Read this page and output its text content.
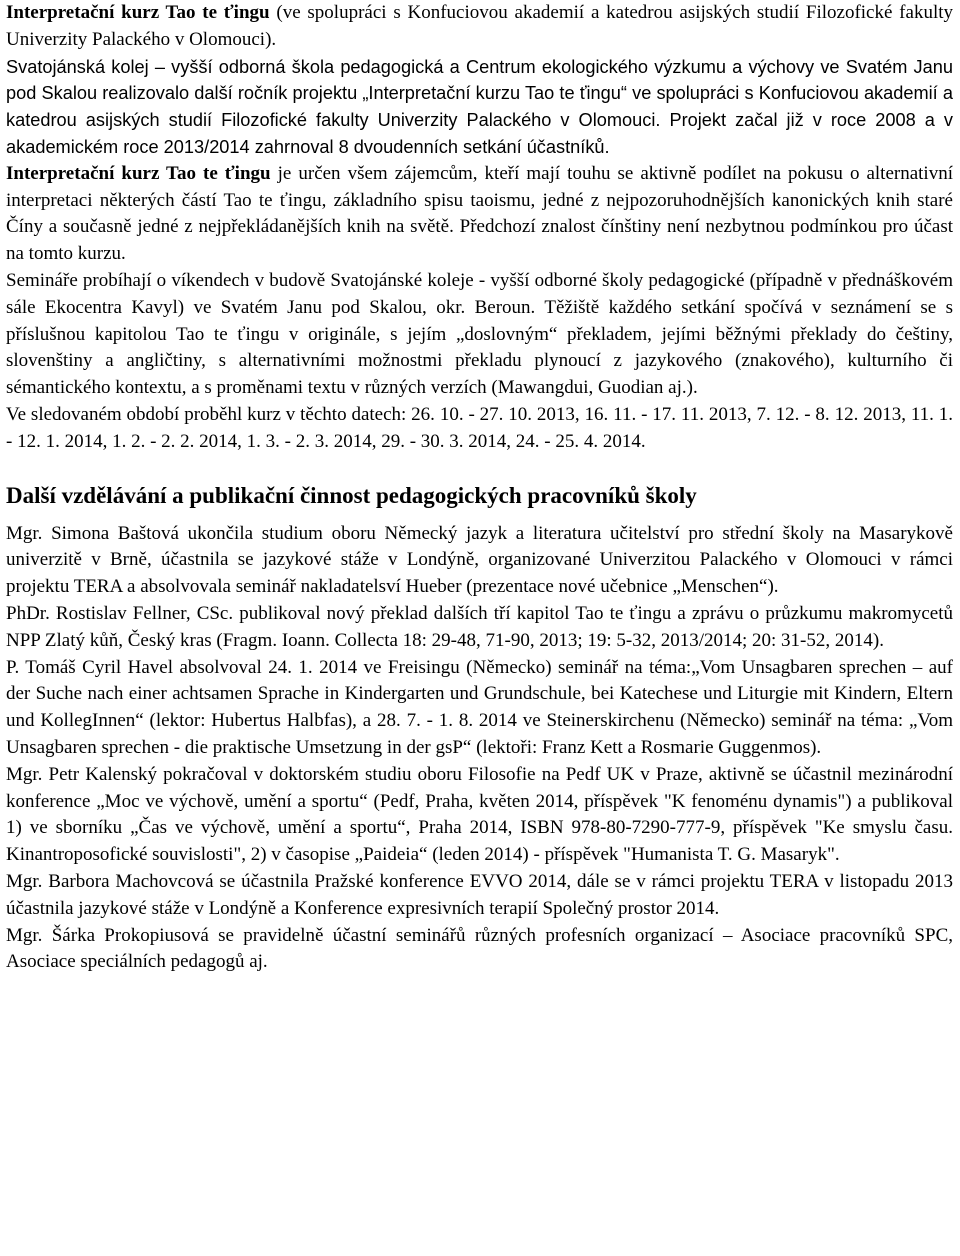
Interpretační kurz Tao te ťingu (ve spolupráci s Konfuciovou akademií a katedrou asijských studií Filozofické fakulty Univerzity Palackého v Olomouci).

Svatojánská kolej – vyšší odborná škola pedagogická a Centrum ekologického výzkumu a výchovy ve Svatém Janu pod Skalou realizovalo další ročník projektu „Interpretační kurzu Tao te ťingu“ ve spolupráci s Konfuciovou akademií a katedrou asijských studií Filozofické fakulty Univerzity Palackého v Olomouci. Projekt začal již v roce 2008 a v akademickém roce 2013/2014 zahrnoval 8 dvoudenních setkání účastníků.

Interpretační kurz Tao te ťingu je určen všem zájemcům, kteří mají touhu se aktivně podílet na pokusu o alternativní interpretaci některých částí Tao te ťingu, základního spisu taoismu, jedné z nejpozoruhodnějších kanonických knih staré Číny a současně jedné z nejpřekládanějších knih na světě. Předchozí znalost čínštiny není nezbytnou podmínkou pro účast na tomto kurzu.

Semináře probíhají o víkendech v budově Svatojánské koleje - vyšší odborné školy pedagogické (případně v přednáškovém sále Ekocentra Kavyl) ve Svatém Janu pod Skalou, okr. Beroun. Těžiště každého setkání spočívá v seznámení se s příslušnou kapitolou Tao te ťingu v originále, s jejím „doslovným“ překladem, jejími běžnými překlady do češtiny, slovenštiny a angličtiny, s alternativními možnostmi překladu plynoucí z jazykového (znakového), kulturního či sémantického kontextu, a s proměnami textu v různých verzích (Mawangdui, Guodian aj.).

Ve sledovaném období proběhl kurz v těchto datech: 26. 10. - 27. 10. 2013, 16. 11. - 17. 11. 2013, 7. 12. - 8. 12. 2013, 11. 1. - 12. 1. 2014, 1. 2. - 2. 2. 2014, 1. 3. - 2. 3. 2014, 29. - 30. 3. 2014, 24. - 25. 4. 2014.

Další vzdělávání a publikační činnost pedagogických pracovníků školy

Mgr. Simona Baštová ukončila studium oboru Německý jazyk a literatura učitelství pro střední školy na Masarykově univerzitě v Brně, účastnila se jazykové stáže v Londýně, organizované Univerzitou Palackého v Olomouci v rámci projektu TERA a absolvovala seminář nakladatelsví Hueber (prezentace nové učebnice „Menschen“).

PhDr. Rostislav Fellner, CSc. publikoval nový překlad dalších tří kapitol Tao te ťingu a zprávu o průzkumu makromycetů NPP Zlatý kůň, Český kras (Fragm. Ioann. Collecta 18: 29-48, 71-90, 2013; 19: 5-32, 2013/2014; 20: 31-52, 2014).

P. Tomáš Cyril Havel absolvoval 24. 1. 2014 ve Freisingu (Německo) seminář na téma:„Vom Unsagbaren sprechen – auf der Suche nach einer achtsamen Sprache in Kindergarten und Grundschule, bei Katechese und Liturgie mit Kindern, Eltern und KollegInnen“ (lektor: Hubertus Halbfas), a 28. 7. - 1. 8. 2014 ve Steinerskirchenu (Německo) seminář na téma: „Vom Unsagbaren sprechen - die praktische Umsetzung in der gsP“ (lektoři: Franz Kett a Rosmarie Guggenmos).

Mgr. Petr Kalenský pokračoval v doktorském studiu oboru Filosofie na Pedf UK v Praze, aktivně se účastnil mezinárodní konference „Moc ve výchově, umění a sportu“ (Pedf, Praha, květen 2014, příspěvek "K fenoménu dynamis") a publikoval 1) ve sborníku „Čas ve výchově, umění a sportu“, Praha 2014, ISBN 978-80-7290-777-9, příspěvek "Ke smyslu času. Kinantroposofické souvislosti", 2) v časopise „Paideia“ (leden 2014) - příspěvek "Humanista T. G. Masaryk".

Mgr. Barbora Machovcová se účastnila Pražské konference EVVO 2014, dále se v rámci projektu TERA v listopadu 2013 účastnila jazykové stáže v Londýně a Konference expresivních terapií Společný prostor 2014.

Mgr. Šárka Prokopiusová se pravidelně účastní seminářů různých profesních organizací – Asociace pracovníků SPC, Asociace speciálních pedagogů aj.
